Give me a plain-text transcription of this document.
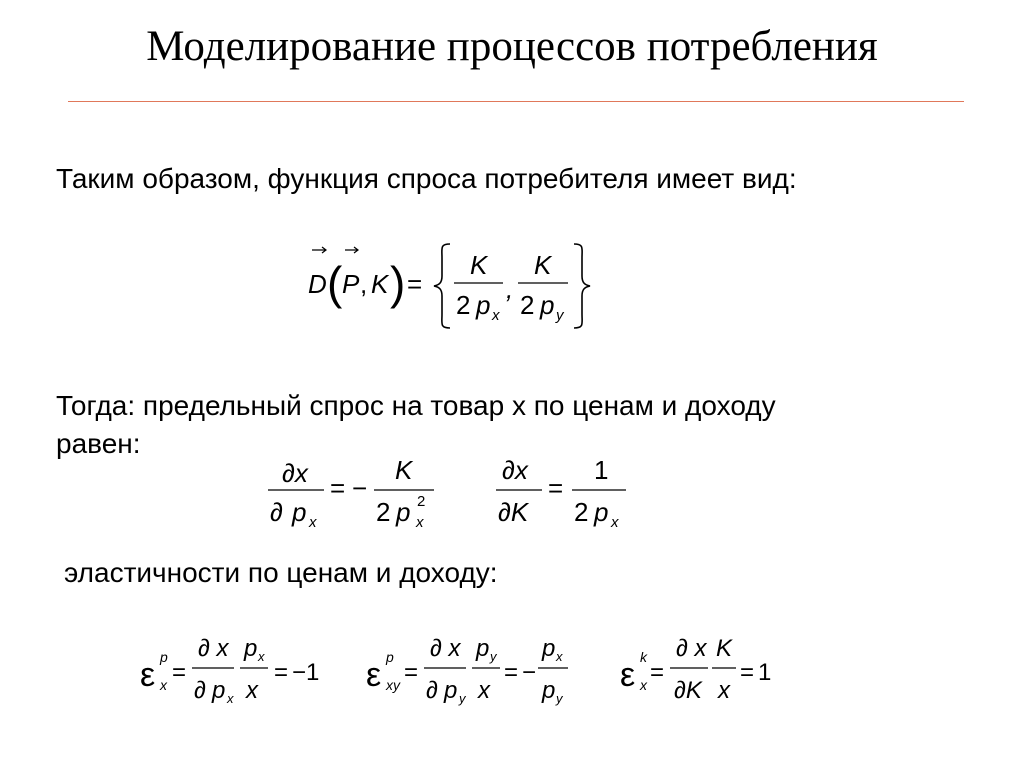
Моделирование процессов потребления
Таким образом, функция спроса потребителя имеет вид:
D ( P , K ) =
K
2 p x
,
K
2 p y
Тогда: предельный спрос на товар x по ценам и доходу
равен:
∂x
∂ p x
= −
K
2 p 2
x
∂x
∂K
=
1
2 p x
эластичности по ценам и доходу:
ε p
x =
∂ x
∂ p x
p x
x
= −1 ε p
xy =
∂ x
∂ p y
p y
x
= −
p x
p y
ε k
x =
∂ x
∂K
K
x
= 1
